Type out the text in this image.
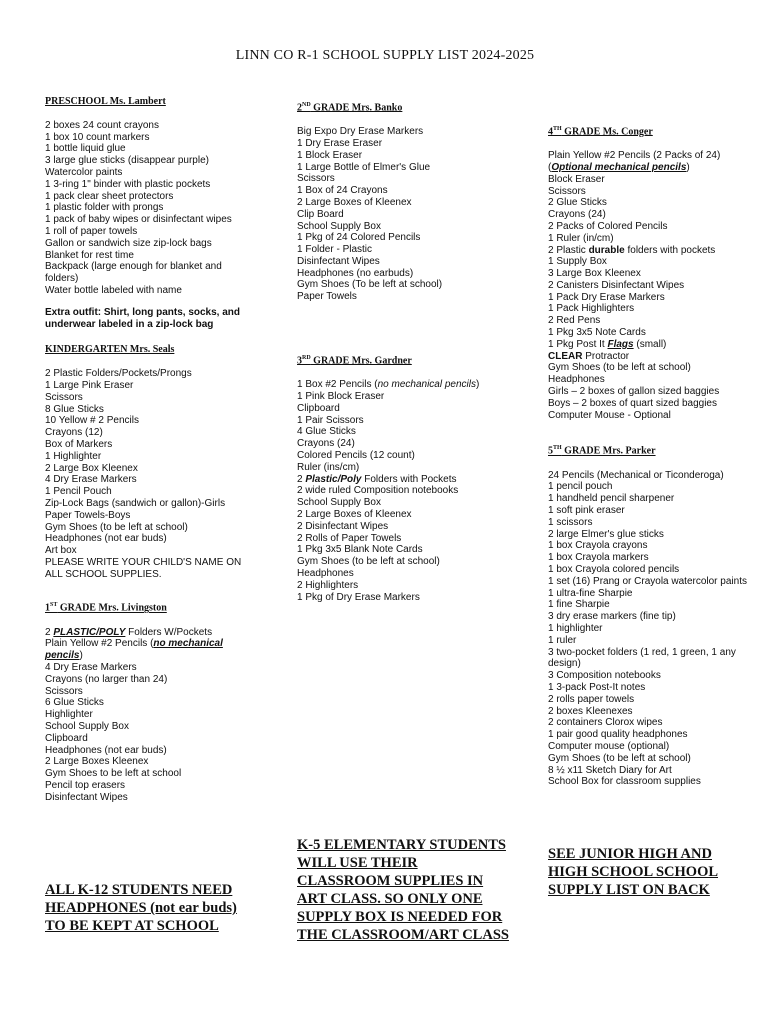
LINN CO R-1 SCHOOL SUPPLY LIST 2024-2025
PRESCHOOL Ms. Lambert
2 boxes 24 count crayons
1 box 10 count markers
1 bottle liquid glue
3 large glue sticks (disappear purple)
Watercolor paints
1 3-ring 1" binder with plastic pockets
1 pack clear sheet protectors
1 plastic folder with prongs
1 pack of baby wipes or disinfectant wipes
1 roll of paper towels
Gallon or sandwich size zip-lock bags
Blanket for rest time
Backpack (large enough for blanket and folders)
Water bottle labeled with name
Extra outfit: Shirt, long pants, socks, and underwear labeled in a zip-lock bag
KINDERGARTEN Mrs. Seals
2 Plastic Folders/Pockets/Prongs
1 Large Pink Eraser
Scissors
8 Glue Sticks
10 Yellow # 2 Pencils
Crayons (12)
Box of Markers
1 Highlighter
2 Large Box Kleenex
4 Dry Erase Markers
1 Pencil Pouch
Zip-Lock Bags (sandwich or gallon)-Girls
Paper Towels-Boys
Gym Shoes (to be left at school)
Headphones (not ear buds)
Art box
PLEASE WRITE YOUR CHILD'S NAME ON ALL SCHOOL SUPPLIES.
1ST GRADE Mrs. Livingston
2 PLASTIC/POLY Folders W/Pockets
Plain Yellow #2 Pencils (no mechanical pencils)
4 Dry Erase Markers
Crayons (no larger than 24)
Scissors
6 Glue Sticks
Highlighter
School Supply Box
Clipboard
Headphones (not ear buds)
2 Large Boxes Kleenex
Gym Shoes to be left at school
Pencil top erasers
Disinfectant Wipes
2ND GRADE Mrs. Banko
Big Expo Dry Erase Markers
1 Dry Erase Eraser
1 Block Eraser
1 Large Bottle of Elmer's Glue
Scissors
1 Box of 24 Crayons
2 Large Boxes of Kleenex
Clip Board
School Supply Box
1 Pkg of 24 Colored Pencils
1 Folder - Plastic
Disinfectant Wipes
Headphones (no earbuds)
Gym Shoes (To be left at school)
Paper Towels
3RD GRADE Mrs. Gardner
1 Box #2 Pencils (no mechanical pencils)
1 Pink Block Eraser
Clipboard
1 Pair Scissors
4 Glue Sticks
Crayons (24)
Colored Pencils (12 count)
Ruler (ins/cm)
2 Plastic/Poly Folders with Pockets
2 wide ruled Composition notebooks
School Supply Box
2 Large Boxes of Kleenex
2 Disinfectant Wipes
2 Rolls of Paper Towels
1 Pkg 3x5 Blank Note Cards
Gym Shoes (to be left at school)
Headphones
2 Highlighters
1 Pkg of Dry Erase Markers
4TH GRADE Ms. Conger
Plain Yellow #2 Pencils (2 Packs of 24)
(Optional mechanical pencils)
Block Eraser
Scissors
2 Glue Sticks
Crayons (24)
2 Packs of Colored Pencils
1 Ruler (in/cm)
2 Plastic durable folders with pockets
1 Supply Box
3 Large Box Kleenex
2 Canisters Disinfectant Wipes
1 Pack Dry Erase Markers
1 Pack Highlighters
2 Red Pens
1 Pkg 3x5 Note Cards
1 Pkg Post It Flags (small)
CLEAR Protractor
Gym Shoes (to be left at school)
Headphones
Girls – 2 boxes of gallon sized baggies
Boys – 2 boxes of quart sized baggies
Computer Mouse - Optional
5TH GRADE Mrs. Parker
24 Pencils (Mechanical or Ticonderoga)
1 pencil pouch
1 handheld pencil sharpener
1 soft pink eraser
1 scissors
2 large Elmer's glue sticks
1 box Crayola crayons
1 box Crayola markers
1 box Crayola colored pencils
1 set (16) Prang or Crayola watercolor paints
1 ultra-fine Sharpie
1 fine Sharpie
3 dry erase markers (fine tip)
1 highlighter
1 ruler
3 two-pocket folders (1 red, 1 green, 1 any design)
3 Composition notebooks
1 3-pack Post-It notes
2 rolls paper towels
2 boxes Kleenexes
2 containers Clorox wipes
1 pair good quality headphones
Computer mouse (optional)
Gym Shoes (to be left at school)
8 ½ x11 Sketch Diary for Art
School Box for classroom supplies
ALL K-12 STUDENTS NEED HEADPHONES (not ear buds) TO BE KEPT AT SCHOOL
K-5 ELEMENTARY STUDENTS WILL USE THEIR CLASSROOM SUPPLIES IN ART CLASS. SO ONLY ONE SUPPLY BOX IS NEEDED FOR THE CLASSROOM/ART CLASS
SEE JUNIOR HIGH AND HIGH SCHOOL SCHOOL SUPPLY LIST ON BACK
